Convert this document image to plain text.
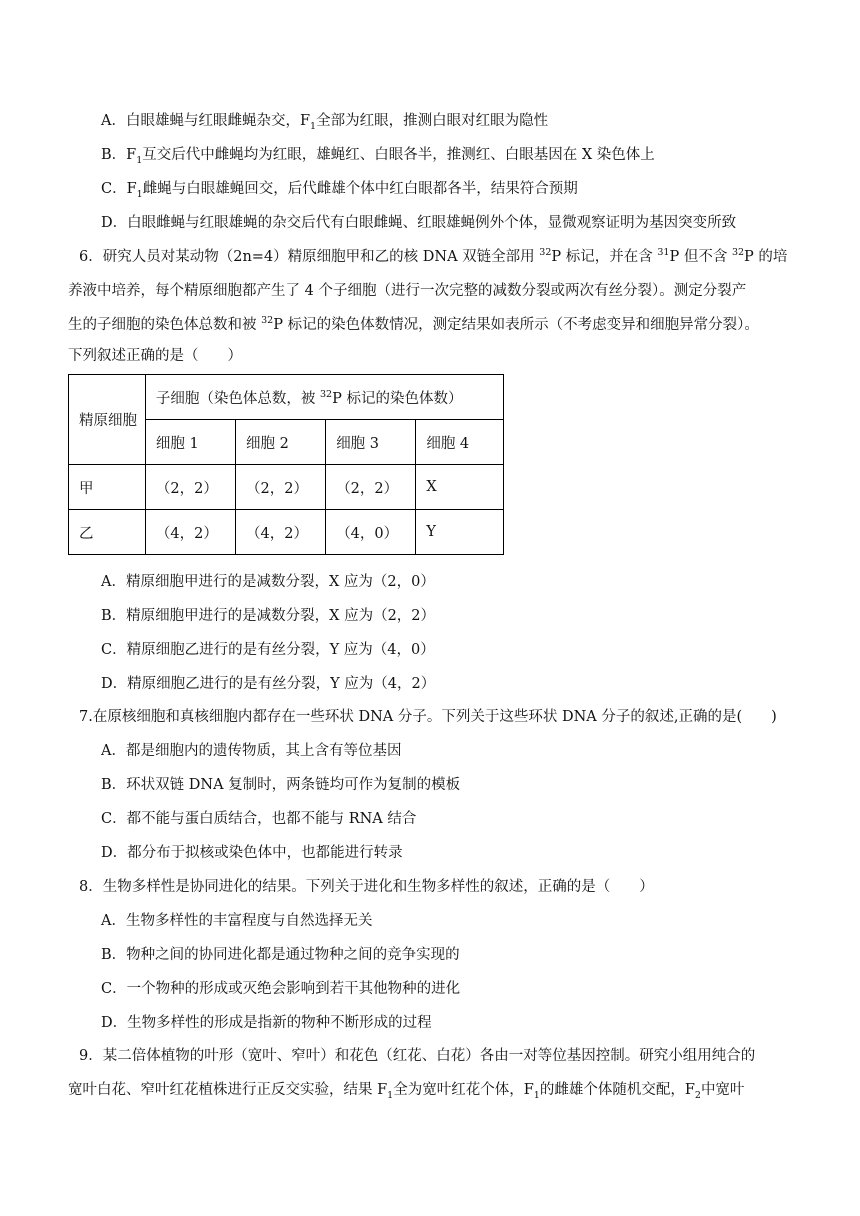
A．白眼雄蝇与红眼雌蝇杂交，$F_1$全部为红眼，推测白眼对红眼为隐性
B．$F_1$互交后代中雌蝇均为红眼，雄蝇红、白眼各半，推测红、白眼基因在 X 染色体上
C．$F_1$雌蝇与白眼雄蝇回交，后代雌雄个体中红白眼都各半，结果符合预期
D．白眼雌蝇与红眼雄蝇的杂交后代有白眼雌蝇、红眼雄蝇例外个体，显微观察证明为基因突变所致
6．研究人员对某动物（2n=4）精原细胞甲和乙的核 DNA 双链全部用 $^{32}$P 标记，并在含 $^{31}$P 但不含 $^{32}$P 的培
养液中培养，每个精原细胞都产生了 4 个子细胞（进行一次完整的减数分裂或两次有丝分裂）。测定分裂产
生的子细胞的染色体总数和被 $^{32}$P 标记的染色体数情况，测定结果如表所示（不考虑变异和细胞异常分裂）。
下列叙述正确的是（　　）
精原细胞	子细胞（染色体总数，被 $^{32}$P 标记的染色体数）			
	细胞 1	细胞 2	细胞 3	细胞 4
甲	（2，2）	（2，2）	（2，2）	X
乙	（4，2）	（4，2）	（4，0）	Y
A．精原细胞甲进行的是减数分裂，X 应为（2，0）
B．精原细胞甲进行的是减数分裂，X 应为（2，2）
C．精原细胞乙进行的是有丝分裂，Y 应为（4，0）
D．精原细胞乙进行的是有丝分裂，Y 应为（4，2）
7.在原核细胞和真核细胞内都存在一些环状 DNA 分子。下列关于这些环状 DNA 分子的叙述,正确的是(　　)
A．都是细胞内的遗传物质，其上含有等位基因
B．环状双链 DNA 复制时，两条链均可作为复制的模板
C．都不能与蛋白质结合，也都不能与 RNA 结合
D．都分布于拟核或染色体中，也都能进行转录
8．生物多样性是协同进化的结果。下列关于进化和生物多样性的叙述，正确的是（　　）
A．生物多样性的丰富程度与自然选择无关
B．物种之间的协同进化都是通过物种之间的竞争实现的
C．一个物种的形成或灭绝会影响到若干其他物种的进化
D．生物多样性的形成是指新的物种不断形成的过程
9．某二倍体植物的叶形（宽叶、窄叶）和花色（红花、白花）各由一对等位基因控制。研究小组用纯合的
宽叶白花、窄叶红花植株进行正反交实验，结果 $F_1$全为宽叶红花个体，$F_1$的雌雄个体随机交配，$F_2$中宽叶
